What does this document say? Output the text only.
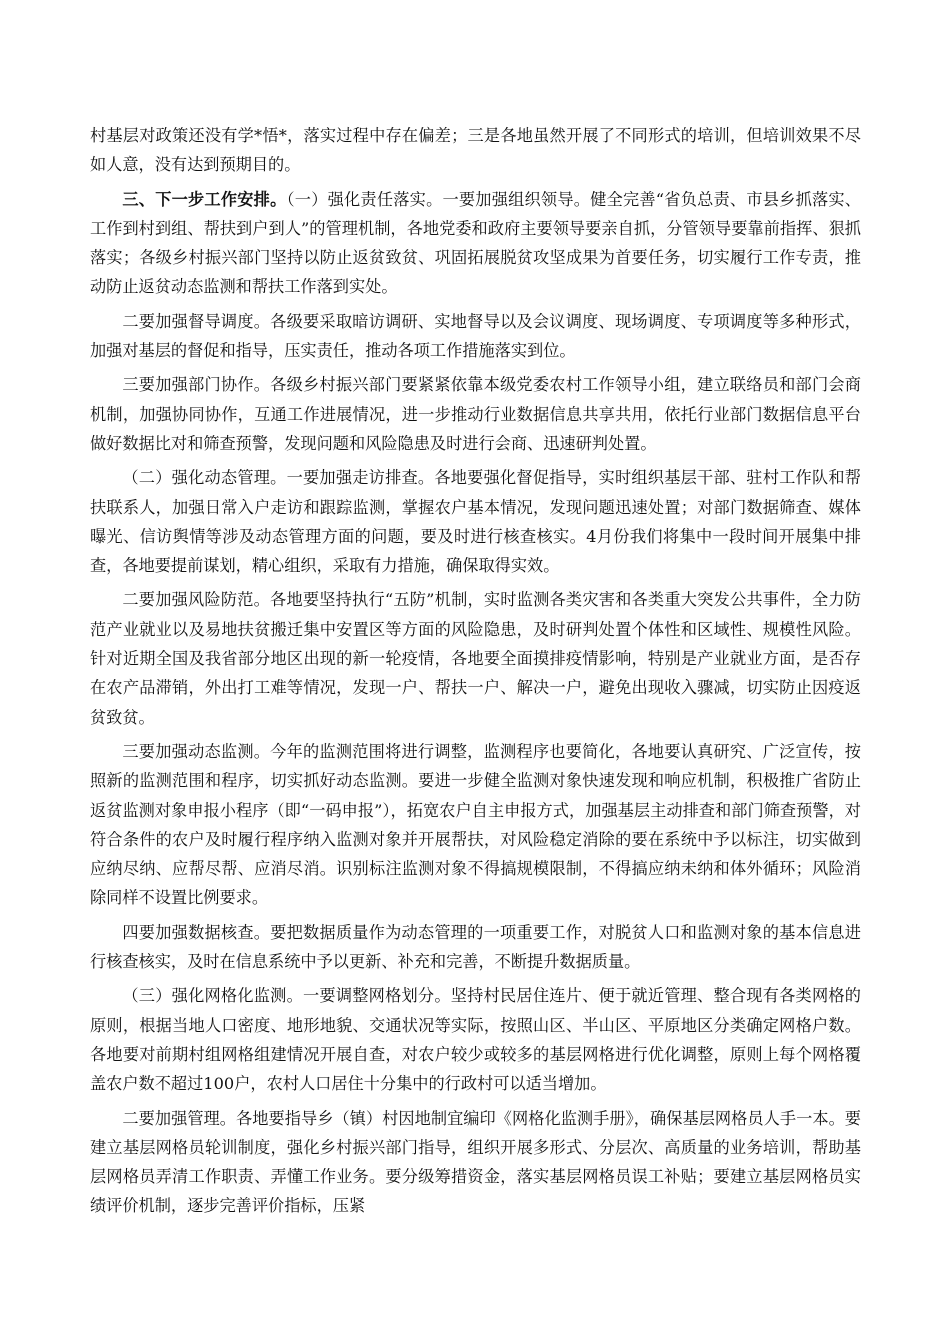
村基层对政策还没有学*悟*，落实过程中存在偏差；三是各地虽然开展了不同形式的培训，但培训效果不尽如人意，没有达到预期目的。

三、下一步工作安排。（一）强化责任落实。一要加强组织领导。健全完善“省负总责、市县乡抓落实、工作到村到组、帮扶到户到人”的管理机制，各地党委和政府主要领导要亲自抓，分管领导要靠前指挥、狠抓落实；各级乡村振兴部门坚持以防止返贫致贫、巩固拓展脱贫攻坚成果为首要任务，切实履行工作专责，推动防止返贫动态监测和帮扶工作落到实处。

二要加强督导调度。各级要采取暗访调研、实地督导以及会议调度、现场调度、专项调度等多种形式，加强对基层的督促和指导，压实责任，推动各项工作措施落实到位。

三要加强部门协作。各级乡村振兴部门要紧紧依靠本级党委农村工作领导小组，建立联络员和部门会商机制，加强协同协作，互通工作进展情况，进一步推动行业数据信息共享共用，依托行业部门数据信息平台做好数据比对和筛查预警，发现问题和风险隐患及时进行会商、迅速研判处置。

（二）强化动态管理。一要加强走访排查。各地要强化督促指导，实时组织基层干部、驻村工作队和帮扶联系人，加强日常入户走访和跟踪监测，掌握农户基本情况，发现问题迅速处置；对部门数据筛查、媒体曝光、信访舆情等涉及动态管理方面的问题，要及时进行核查核实。4月份我们将集中一段时间开展集中排查，各地要提前谋划，精心组织，采取有力措施，确保取得实效。

二要加强风险防范。各地要坚持执行“五防”机制，实时监测各类灾害和各类重大突发公共事件，全力防范产业就业以及易地扶贫搬迁集中安置区等方面的风险隐患，及时研判处置个体性和区域性、规模性风险。针对近期全国及我省部分地区出现的新一轮疫情，各地要全面摸排疫情影响，特别是产业就业方面，是否存在农产品滞销，外出打工难等情况，发现一户、帮扶一户、解决一户，避免出现收入骤减，切实防止因疫返贫致贫。

三要加强动态监测。今年的监测范围将进行调整，监测程序也要简化，各地要认真研究、广泛宣传，按照新的监测范围和程序，切实抓好动态监测。要进一步健全监测对象快速发现和响应机制，积极推广省防止返贫监测对象申报小程序（即“一码申报”），拓宽农户自主申报方式，加强基层主动排查和部门筛查预警，对符合条件的农户及时履行程序纳入监测对象并开展帮扶，对风险稳定消除的要在系统中予以标注，切实做到应纳尽纳、应帮尽帮、应消尽消。识别标注监测对象不得搞规模限制，不得搞应纳未纳和体外循环；风险消除同样不设置比例要求。

四要加强数据核查。要把数据质量作为动态管理的一项重要工作，对脱贫人口和监测对象的基本信息进行核查核实，及时在信息系统中予以更新、补充和完善，不断提升数据质量。

（三）强化网格化监测。一要调整网格划分。坚持村民居住连片、便于就近管理、整合现有各类网格的原则，根据当地人口密度、地形地貌、交通状况等实际，按照山区、半山区、平原地区分类确定网格户数。各地要对前期村组网格组建情况开展自查，对农户较少或较多的基层网格进行优化调整，原则上每个网格覆盖农户数不超过100户，农村人口居住十分集中的行政村可以适当增加。

二要加强管理。各地要指导乡（镇）村因地制宜编印《网格化监测手册》，确保基层网格员人手一本。要建立基层网格员轮训制度，强化乡村振兴部门指导，组织开展多形式、分层次、高质量的业务培训，帮助基层网格员弄清工作职责、弄懂工作业务。要分级筹措资金，落实基层网格员误工补贴；要建立基层网格员实绩评价机制，逐步完善评价指标，压紧
